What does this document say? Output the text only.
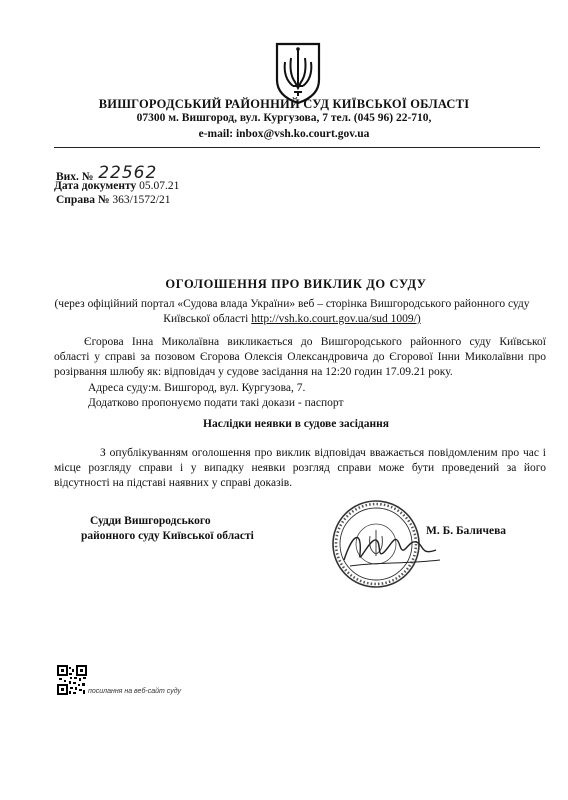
ВИШГОРОДСЬКИЙ РАЙОННИЙ СУД КИЇВСЬКОЇ ОБЛАСТІ
07300 м. Вишгород, вул. Кургузова, 7 тел. (045 96) 22-710,
e-mail: inbox@vsh.ko.court.gov.ua
Вих. № 22562
Дата документу 05.07.21
Справа № 363/1572/21
ОГОЛОШЕННЯ ПРО ВИКЛИК ДО СУДУ
(через офіційний портал «Судова влада України» веб – сторінка Вишгородського районного суду
Київської області http://vsh.ko.court.gov.ua/sud 1009/)
Єгорова Інна Миколаївна викликається до Вишгородського районного суду Київської
області у справі за позовом Єгорова Олексія Олександровича до Єгорової Інни Миколаївни про
розірвання шлюбу як: відповідач у судове засідання на 12:20 годин 17.09.21 року.
Адреса суду:м. Вишгород, вул. Кургузова, 7.
Додатково пропонуємо подати такі докази - паспорт
Наслідки неявки в судове засідання
З опублікуванням оголошення про виклик відповідач вважається повідомленим про час і
місце розгляду справи і у випадку неявки розгляд справи може бути проведений за його
відсутності на підставі наявних у справі доказів.
Судди Вишгородського
районного суду Київської області	М. Б. Баличева
посилання на веб-сайт суду
